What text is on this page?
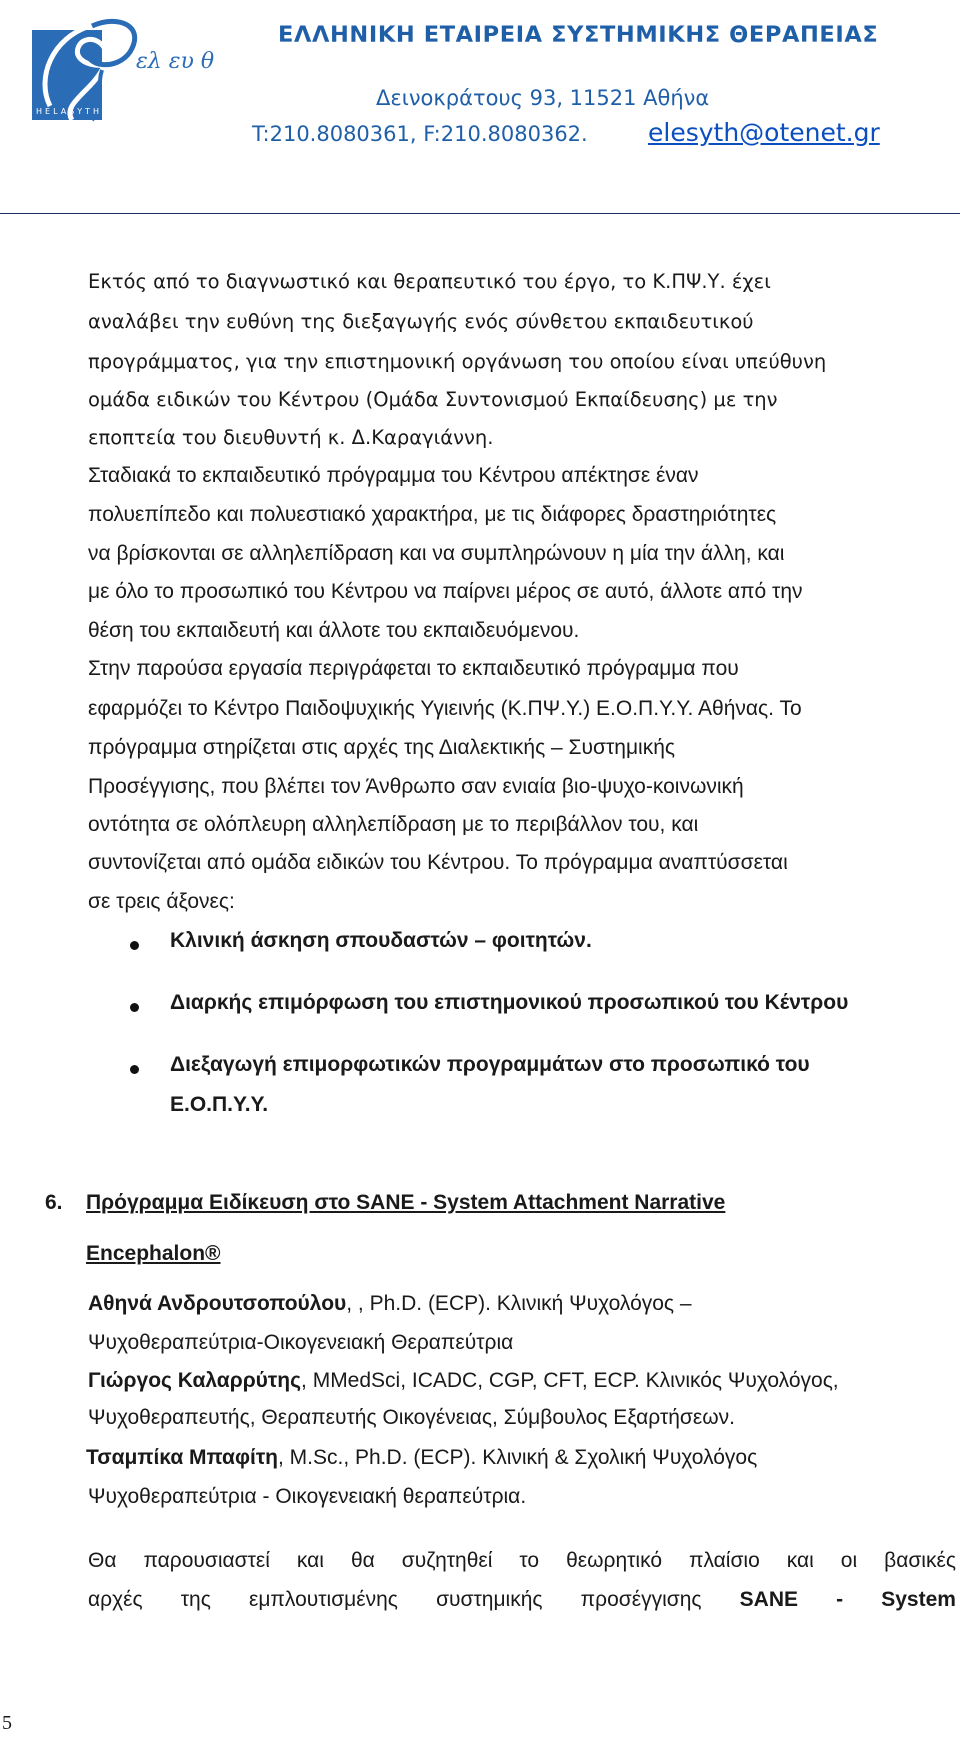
ελ ευ θ
HELASYTH
ΕΛΛΗΝΙΚΗ ΕΤΑΙΡΕΙΑ ΣΥΣΤΗΜΙΚΗΣ ΘΕΡΑΠΕΙΑΣ
Δεινοκράτους 93, 11521 Αθήνα
T:210.8080361, F:210.8080362. elesyth@otenet.gr
Εκτός από το διαγνωστικό και θεραπευτικό του έργο, το Κ.ΠΨ.Υ. έχει
αναλάβει την ευθύνη της διεξαγωγής ενός σύνθετου εκπαιδευτικού
προγράμματος, για την επιστημονική οργάνωση του οποίου είναι υπεύθυνη
ομάδα ειδικών του Κέντρου (Ομάδα Συντονισμού Εκπαίδευσης) με την
εποπτεία του διευθυντή κ. Δ.Καραγιάννη.
Σταδιακά το εκπαιδευτικό πρόγραμμα του Κέντρου απέκτησε έναν
πολυεπίπεδο και πολυεστιακό χαρακτήρα, με τις διάφορες δραστηριότητες
να βρίσκονται σε αλληλεπίδραση και να συμπληρώνουν η μία την άλλη, και
με όλο το προσωπικό του Κέντρου να παίρνει μέρος σε αυτό, άλλοτε από την
θέση του εκπαιδευτή και άλλοτε του εκπαιδευόμενου.
Στην παρούσα εργασία περιγράφεται το εκπαιδευτικό πρόγραμμα που
εφαρμόζει το Κέντρο Παιδοψυχικής Υγιεινής (Κ.ΠΨ.Υ.) Ε.Ο.Π.Υ.Υ. Αθήνας. Το
πρόγραμμα στηρίζεται στις αρχές της Διαλεκτικής – Συστημικής
Προσέγγισης, που βλέπει τον Άνθρωπο σαν ενιαία βιο-ψυχο-κοινωνική
οντότητα σε ολόπλευρη αλληλεπίδραση με το περιβάλλον του, και
συντονίζεται από ομάδα ειδικών του Κέντρου. Το πρόγραμμα αναπτύσσεται
σε τρεις άξονες:
Κλινική άσκηση σπουδαστών – φοιτητών.
Διαρκής επιμόρφωση του επιστημονικού προσωπικού του Κέντρου
Διεξαγωγή επιμορφωτικών προγραμμάτων στο προσωπικό του
Ε.Ο.Π.Υ.Υ.
6. Πρόγραμμα Ειδίκευση στο SANE - System Attachment Narrative
Encephalon®
Αθηνά Ανδρουτσοπούλου, , Ph.D. (ECP). Κλινική Ψυχολόγος –
Ψυχοθεραπεύτρια-Οικογενειακή Θεραπεύτρια
Γιώργος Καλαρρύτης, MMedSci, ICADC, CGP, CFT, ECP. Κλινικός Ψυχολόγος,
Ψυχοθεραπευτής, Θεραπευτής Οικογένειας, Σύμβουλος Εξαρτήσεων.
Τσαμπίκα Μπαφίτη, M.Sc., Ph.D. (ECP). Κλινική & Σχολική Ψυχολόγος
Ψυχοθεραπεύτρια - Οικογενειακή θεραπεύτρια.
Θα παρουσιαστεί και θα συζητηθεί το θεωρητικό πλαίσιο και οι βασικές
αρχές της εμπλουτισμένης συστημικής προσέγγισης SANE - System
5
